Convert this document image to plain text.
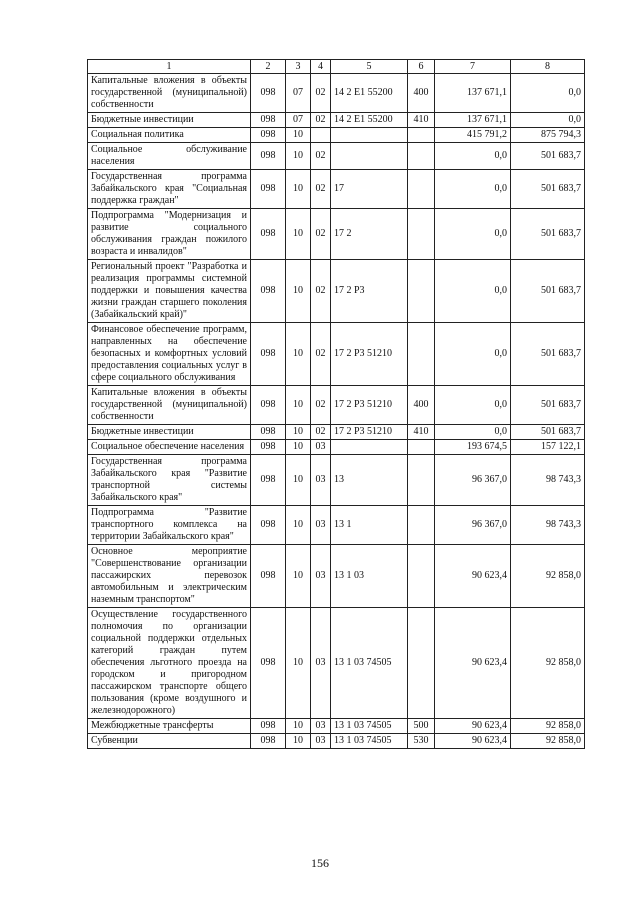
1	2	3	4	5	6	7	8
Капитальные вложения в объекты государственной (муниципальной) собственности	098	07	02	14 2 E1 55200	400	137 671,1	0,0
Бюджетные инвестиции	098	07	02	14 2 E1 55200	410	137 671,1	0,0
Социальная политика	098	10				415 791,2	875 794,3
Социальное обслуживание населения	098	10	02			0,0	501 683,7
Государственная программа Забайкальского края "Социальная поддержка граждан"	098	10	02	17		0,0	501 683,7
Подпрограмма "Модернизация и развитие социального обслуживания граждан пожилого возраста и инвалидов"	098	10	02	17 2		0,0	501 683,7
Региональный проект "Разработка и реализация программы системной поддержки и повышения качества жизни граждан старшего поколения (Забайкальский край)"	098	10	02	17 2 P3		0,0	501 683,7
Финансовое обеспечение программ, направленных на обеспечение безопасных и комфортных условий предоставления социальных услуг в сфере социального обслуживания	098	10	02	17 2 P3 51210		0,0	501 683,7
Капитальные вложения в объекты государственной (муниципальной) собственности	098	10	02	17 2 P3 51210	400	0,0	501 683,7
Бюджетные инвестиции	098	10	02	17 2 P3 51210	410	0,0	501 683,7
Социальное обеспечение населения	098	10	03			193 674,5	157 122,1
Государственная программа Забайкальского края "Развитие транспортной системы Забайкальского края"	098	10	03	13		96 367,0	98 743,3
Подпрограмма "Развитие транспортного комплекса на территории Забайкальского края"	098	10	03	13 1		96 367,0	98 743,3
Основное мероприятие "Совершенствование организации пассажирских перевозок автомобильным и электрическим наземным транспортом"	098	10	03	13 1 03		90 623,4	92 858,0
Осуществление государственного полномочия по организации социальной поддержки отдельных категорий граждан путем обеспечения льготного проезда на городском и пригородном пассажирском транспорте общего пользования (кроме воздушного и железнодорожного)	098	10	03	13 1 03 74505		90 623,4	92 858,0
Межбюджетные трансферты	098	10	03	13 1 03 74505	500	90 623,4	92 858,0
Субвенции	098	10	03	13 1 03 74505	530	90 623,4	92 858,0
156
